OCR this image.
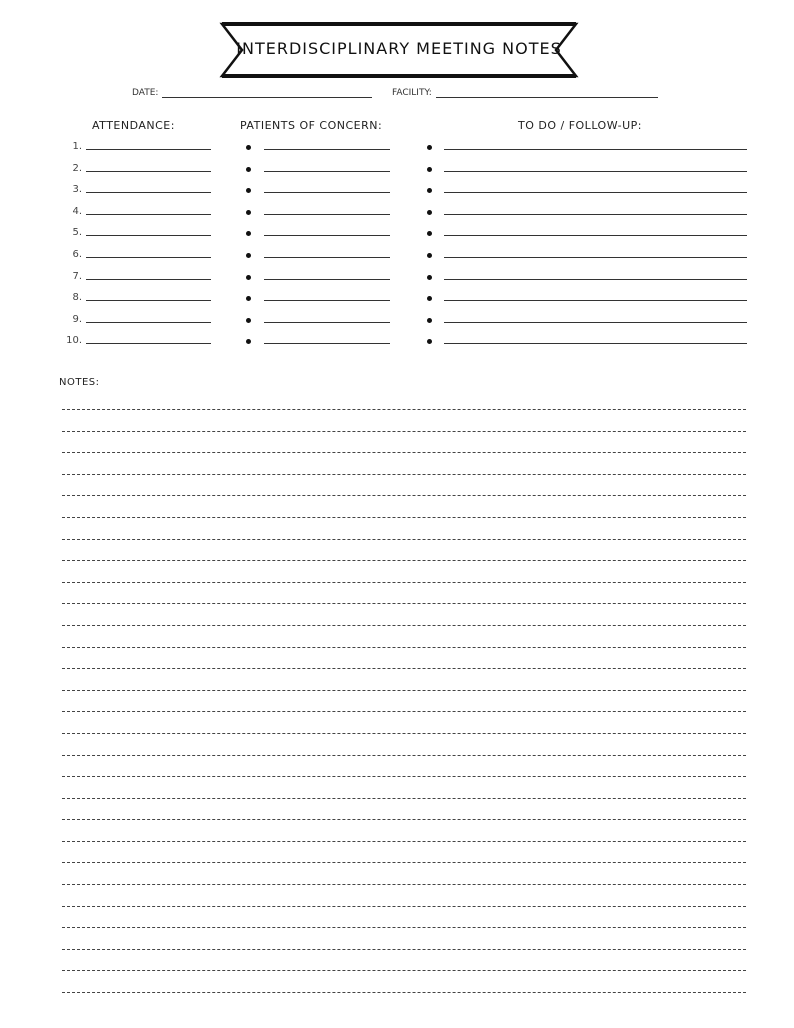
INTERDISCIPLINARY MEETING NOTES
DATE:	FACILITY:
ATTENDANCE:	PATIENTS OF CONCERN:	TO DO / FOLLOW-UP:
1.
2.
3.
4.
5.
6.
7.
8.
9.
10.
NOTES:
